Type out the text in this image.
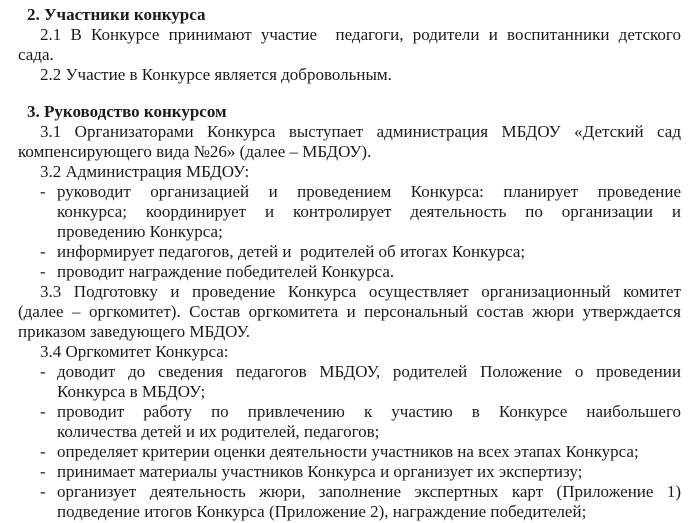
2. Участники конкурса
2.1 В Конкурсе принимают участие  педагоги, родители и воспитанники детского
сада.
2.2 Участие в Конкурсе является добровольным.
3. Руководство конкурсом
3.1 Организаторами Конкурса выступает администрация МБДОУ «Детский сад
компенсирующего вида №26» (далее – МБДОУ).
3.2 Администрация МБДОУ:
- руководит организацией и проведением Конкурса: планирует проведение
конкурса; координирует и контролирует деятельность по организации и
проведению Конкурса;
- информирует педагогов, детей и  родителей об итогах Конкурса;
- проводит награждение победителей Конкурса.
3.3 Подготовку и проведение Конкурса осуществляет организационный комитет
(далее – оргкомитет). Состав оргкомитета и персональный состав жюри утверждается
приказом заведующего МБДОУ.
3.4 Оргкомитет Конкурса:
- доводит до сведения педагогов МБДОУ, родителей Положение о проведении
Конкурса в МБДОУ;
- проводит работу по привлечению к участию в Конкурсе наибольшего
количества детей и их родителей, педагогов;
- определяет критерии оценки деятельности участников на всех этапах Конкурса;
- принимает материалы участников Конкурса и организует их экспертизу;
- организует деятельность жюри, заполнение экспертных карт (Приложение 1)
подведение итогов Конкурса (Приложение 2), награждение победителей;
